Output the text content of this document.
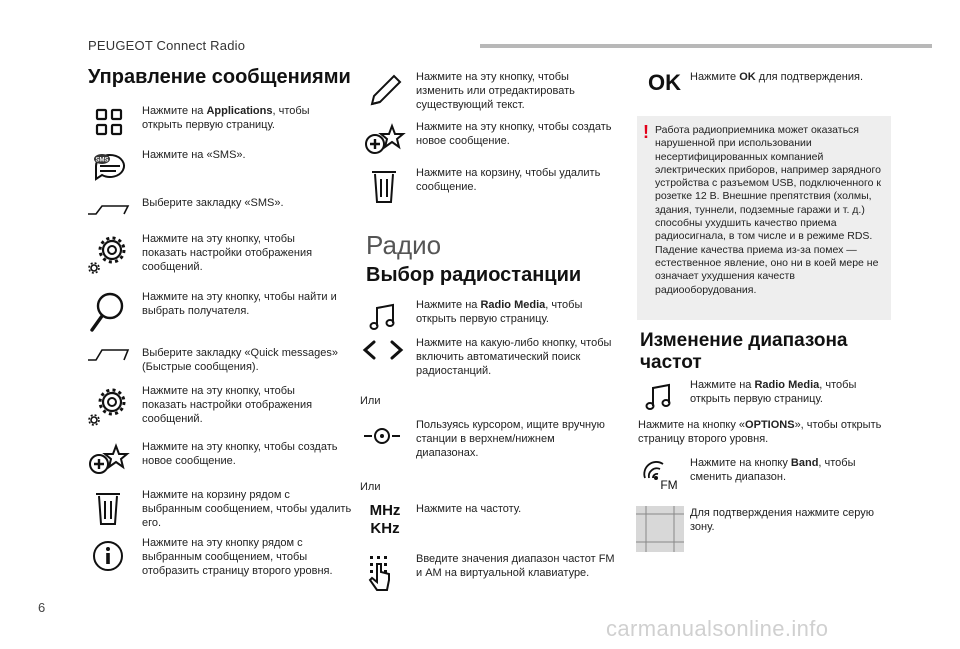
PEUGEOT Connect Radio
Управление сообщениями
Нажмите на Applications, чтобы открыть первую страницу.
SMS	Нажмите на «SMS».
Выберите закладку «SMS».
Нажмите на эту кнопку, чтобы показать настройки отображения сообщений.
Нажмите на эту кнопку, чтобы найти и выбрать получателя.
Выберите закладку «Quick messages» (Быстрые сообщения).
Нажмите на эту кнопку, чтобы показать настройки отображения сообщений.
Нажмите на эту кнопку, чтобы создать новое сообщение.
Нажмите на корзину рядом с выбранным сообщением, чтобы удалить его.
Нажмите на эту кнопку рядом с выбранным сообщением, чтобы отобразить страницу второго уровня.
Нажмите на эту кнопку, чтобы изменить или отредактировать существующий текст.
Нажмите на эту кнопку, чтобы создать новое сообщение.
Нажмите на корзину, чтобы удалить сообщение.
Радио
Выбор радиостанции
Нажмите на Radio Media, чтобы открыть первую страницу.
Нажмите на какую-либо кнопку, чтобы включить автоматический поиск радиостанций.
Или
Пользуясь курсором, ищите вручную станции в верхнем/нижнем диапазонах.
Или
MHz
KHz
Нажмите на частоту.
Введите значения диапазон частот FM и AM на виртуальной клавиатуре.
OK Нажмите OK для подтверждения.
! Работа радиоприемника может оказаться нарушенной при использовании несертифицированных компанией электрических приборов, например зарядного устройства с разъемом USB, подключенного к розетке 12 В. Внешние препятствия (холмы, здания, туннели, подземные гаражи и т. д.) способны ухудшить качество приема радиосигнала, в том числе и в режиме RDS. Падение качества приема из-за помех — естественное явление, оно ни в коей мере не означает ухудшения качеств радиооборудования.
Изменение диапазона частот
Нажмите на Radio Media, чтобы открыть первую страницу.
Нажмите на кнопку «OPTIONS», чтобы открыть страницу второго уровня.
FM
Нажмите на кнопку Band, чтобы сменить диапазон.
Для подтверждения нажмите серую зону.
6
carmanualsonline.info
